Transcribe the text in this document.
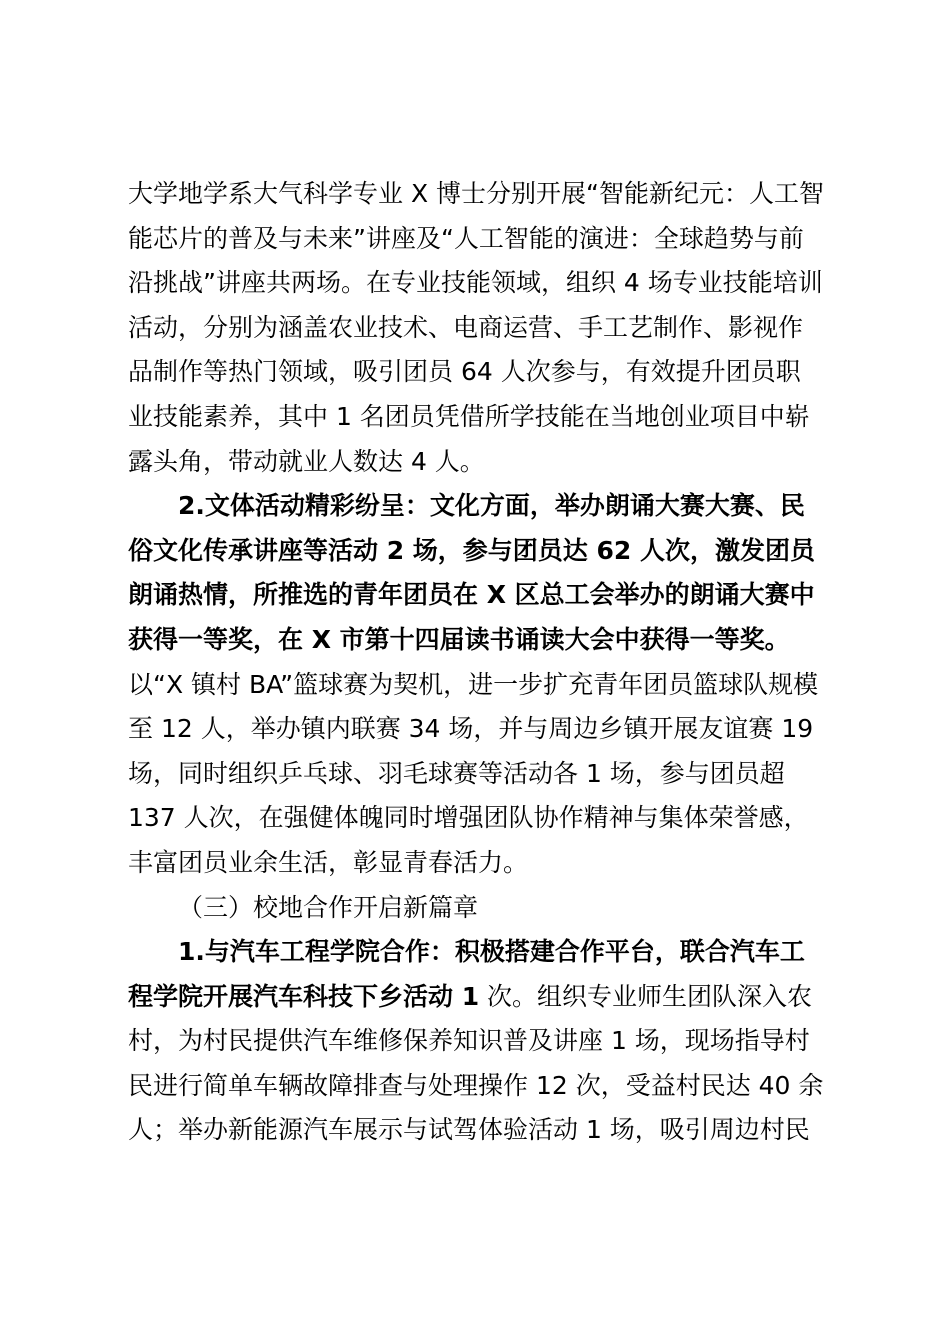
大学地学系大气科学专业 X 博士分别开展“智能新纪元：人工智
能芯片的普及与未来”讲座及“人工智能的演进：全球趋势与前
沿挑战”讲座共两场。在专业技能领域，组织 4 场专业技能培训
活动，分别为涵盖农业技术、电商运营、手工艺制作、影视作
品制作等热门领域，吸引团员 64 人次参与，有效提升团员职
业技能素养，其中 1 名团员凭借所学技能在当地创业项目中崭
露头角，带动就业人数达 4 人。
2.文体活动精彩纷呈：文化方面，举办朗诵大赛大赛、民
俗文化传承讲座等活动 2 场，参与团员达 62 人次，激发团员
朗诵热情，所推选的青年团员在 X 区总工会举办的朗诵大赛中
获得一等奖，在 X 市第十四届读书诵读大会中获得一等奖。
以“X 镇村 BA”篮球赛为契机，进一步扩充青年团员篮球队规模
至 12 人，举办镇内联赛 34 场，并与周边乡镇开展友谊赛 19
场，同时组织乒乓球、羽毛球赛等活动各 1 场，参与团员超
137 人次，在强健体魄同时增强团队协作精神与集体荣誉感，
丰富团员业余生活，彰显青春活力。
（三）校地合作开启新篇章
1.与汽车工程学院合作：积极搭建合作平台，联合汽车工
程学院开展汽车科技下乡活动 1 次。组织专业师生团队深入农
村，为村民提供汽车维修保养知识普及讲座 1 场，现场指导村
民进行简单车辆故障排查与处理操作 12 次，受益村民达 40 余
人；举办新能源汽车展示与试驾体验活动 1 场，吸引周边村民
